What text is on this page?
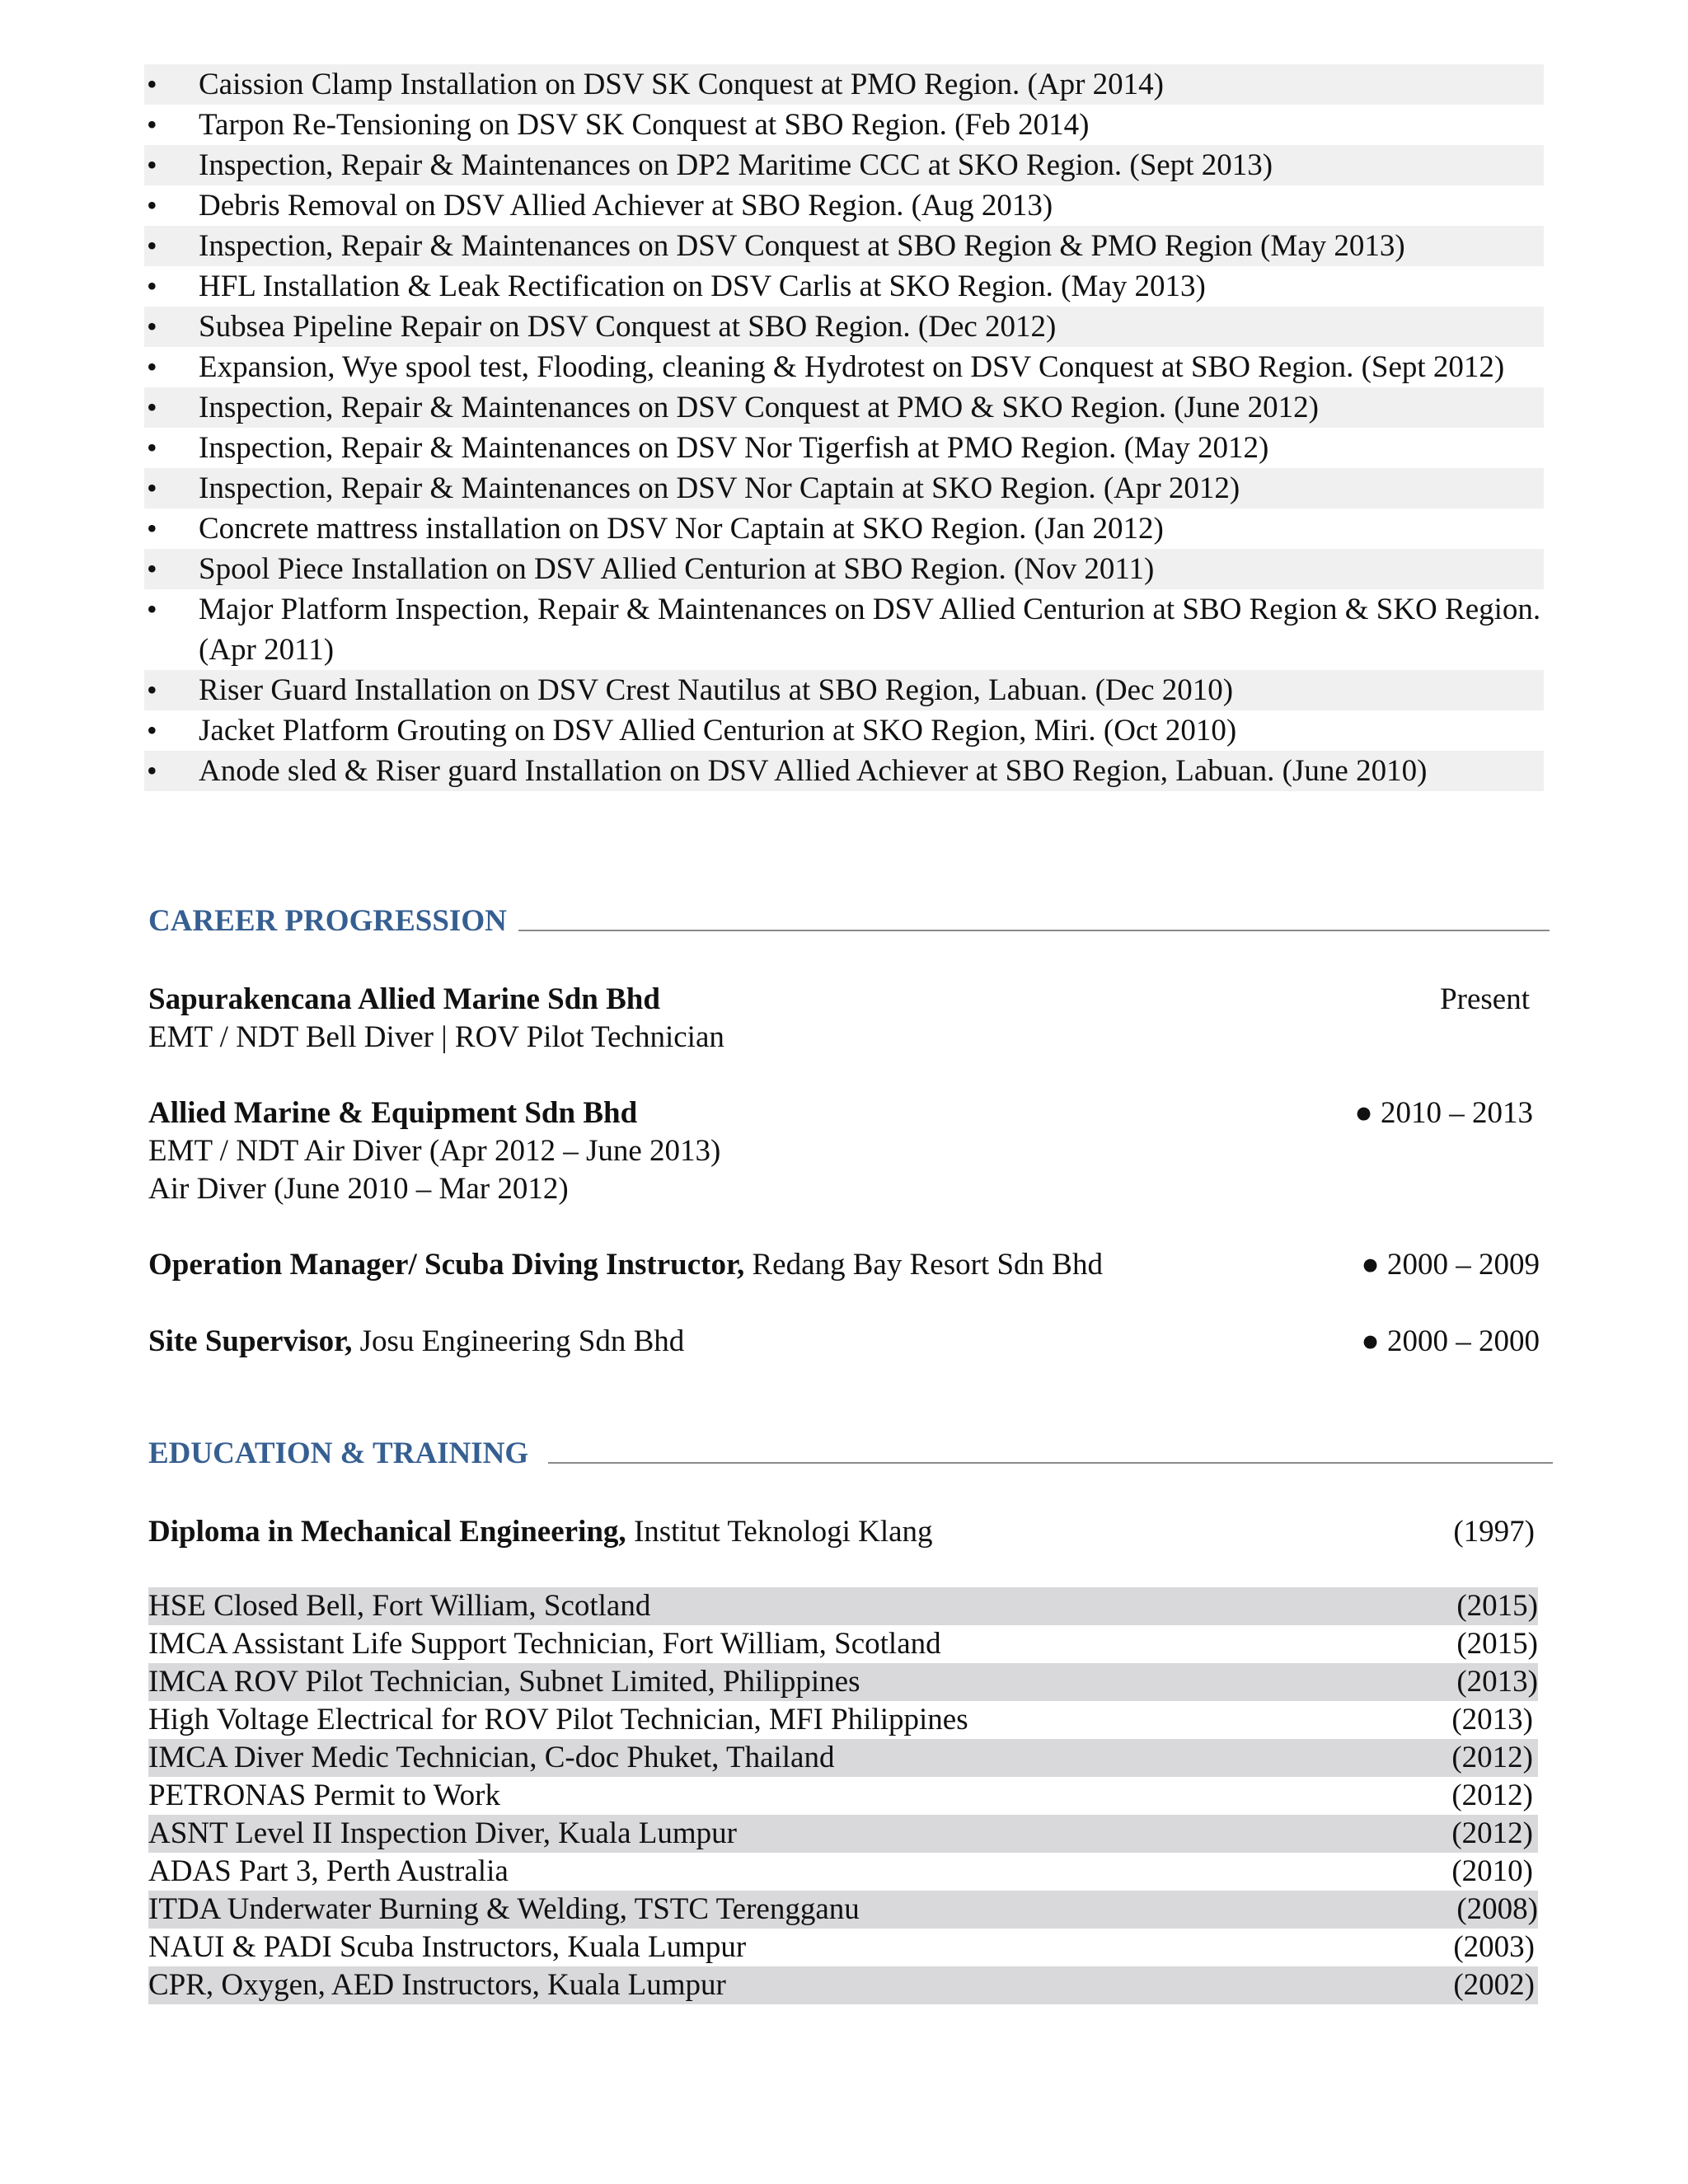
• Caission Clamp Installation on DSV SK Conquest at PMO Region. (Apr 2014)
• Tarpon Re-Tensioning on DSV SK Conquest at SBO Region. (Feb 2014)
• Inspection, Repair & Maintenances on DP2 Maritime CCC at SKO Region. (Sept 2013)
• Debris Removal on DSV Allied Achiever at SBO Region. (Aug 2013)
• Inspection, Repair & Maintenances on DSV Conquest at SBO Region & PMO Region (May 2013)
• HFL Installation & Leak Rectification on DSV Carlis at SKO Region. (May 2013)
• Subsea Pipeline Repair on DSV Conquest at SBO Region. (Dec 2012)
• Expansion, Wye spool test, Flooding, cleaning & Hydrotest on DSV Conquest at SBO Region. (Sept 2012)
• Inspection, Repair & Maintenances on DSV Conquest at PMO & SKO Region. (June 2012)
• Inspection, Repair & Maintenances on DSV Nor Tigerfish at PMO Region. (May 2012)
• Inspection, Repair & Maintenances on DSV Nor Captain at SKO Region. (Apr 2012)
• Concrete mattress installation on DSV Nor Captain at SKO Region. (Jan 2012)
• Spool Piece Installation on DSV Allied Centurion at SBO Region. (Nov 2011)
• Major Platform Inspection, Repair & Maintenances on DSV Allied Centurion at SBO Region & SKO Region. (Apr 2011)
• Riser Guard Installation on DSV Crest Nautilus at SBO Region, Labuan. (Dec 2010)
• Jacket Platform Grouting on DSV Allied Centurion at SKO Region, Miri. (Oct 2010)
• Anode sled & Riser guard Installation on DSV Allied Achiever at SBO Region, Labuan. (June 2010)
CAREER PROGRESSION
Sapurakencana Allied Marine Sdn Bhd	Present
EMT / NDT Bell Diver | ROV Pilot Technician
Allied Marine & Equipment Sdn Bhd	● 2010 – 2013
EMT / NDT Air Diver (Apr 2012 – June 2013)
Air Diver (June 2010 – Mar 2012)
Operation Manager/ Scuba Diving Instructor, Redang Bay Resort Sdn Bhd	● 2000 – 2009
Site Supervisor, Josu Engineering Sdn Bhd	● 2000 – 2000
EDUCATION & TRAINING
Diploma in Mechanical Engineering, Institut Teknologi Klang	(1997)
HSE Closed Bell, Fort William, Scotland	(2015)
IMCA Assistant Life Support Technician, Fort William, Scotland	(2015)
IMCA ROV Pilot Technician, Subnet Limited, Philippines	(2013)
High Voltage Electrical for ROV Pilot Technician, MFI Philippines	(2013)
IMCA Diver Medic Technician, C-doc Phuket, Thailand	(2012)
PETRONAS Permit to Work	(2012)
ASNT Level II Inspection Diver, Kuala Lumpur	(2012)
ADAS Part 3, Perth Australia	(2010)
ITDA Underwater Burning & Welding, TSTC Terengganu	(2008)
NAUI & PADI Scuba Instructors, Kuala Lumpur	(2003)
CPR, Oxygen, AED Instructors, Kuala Lumpur	(2002)
